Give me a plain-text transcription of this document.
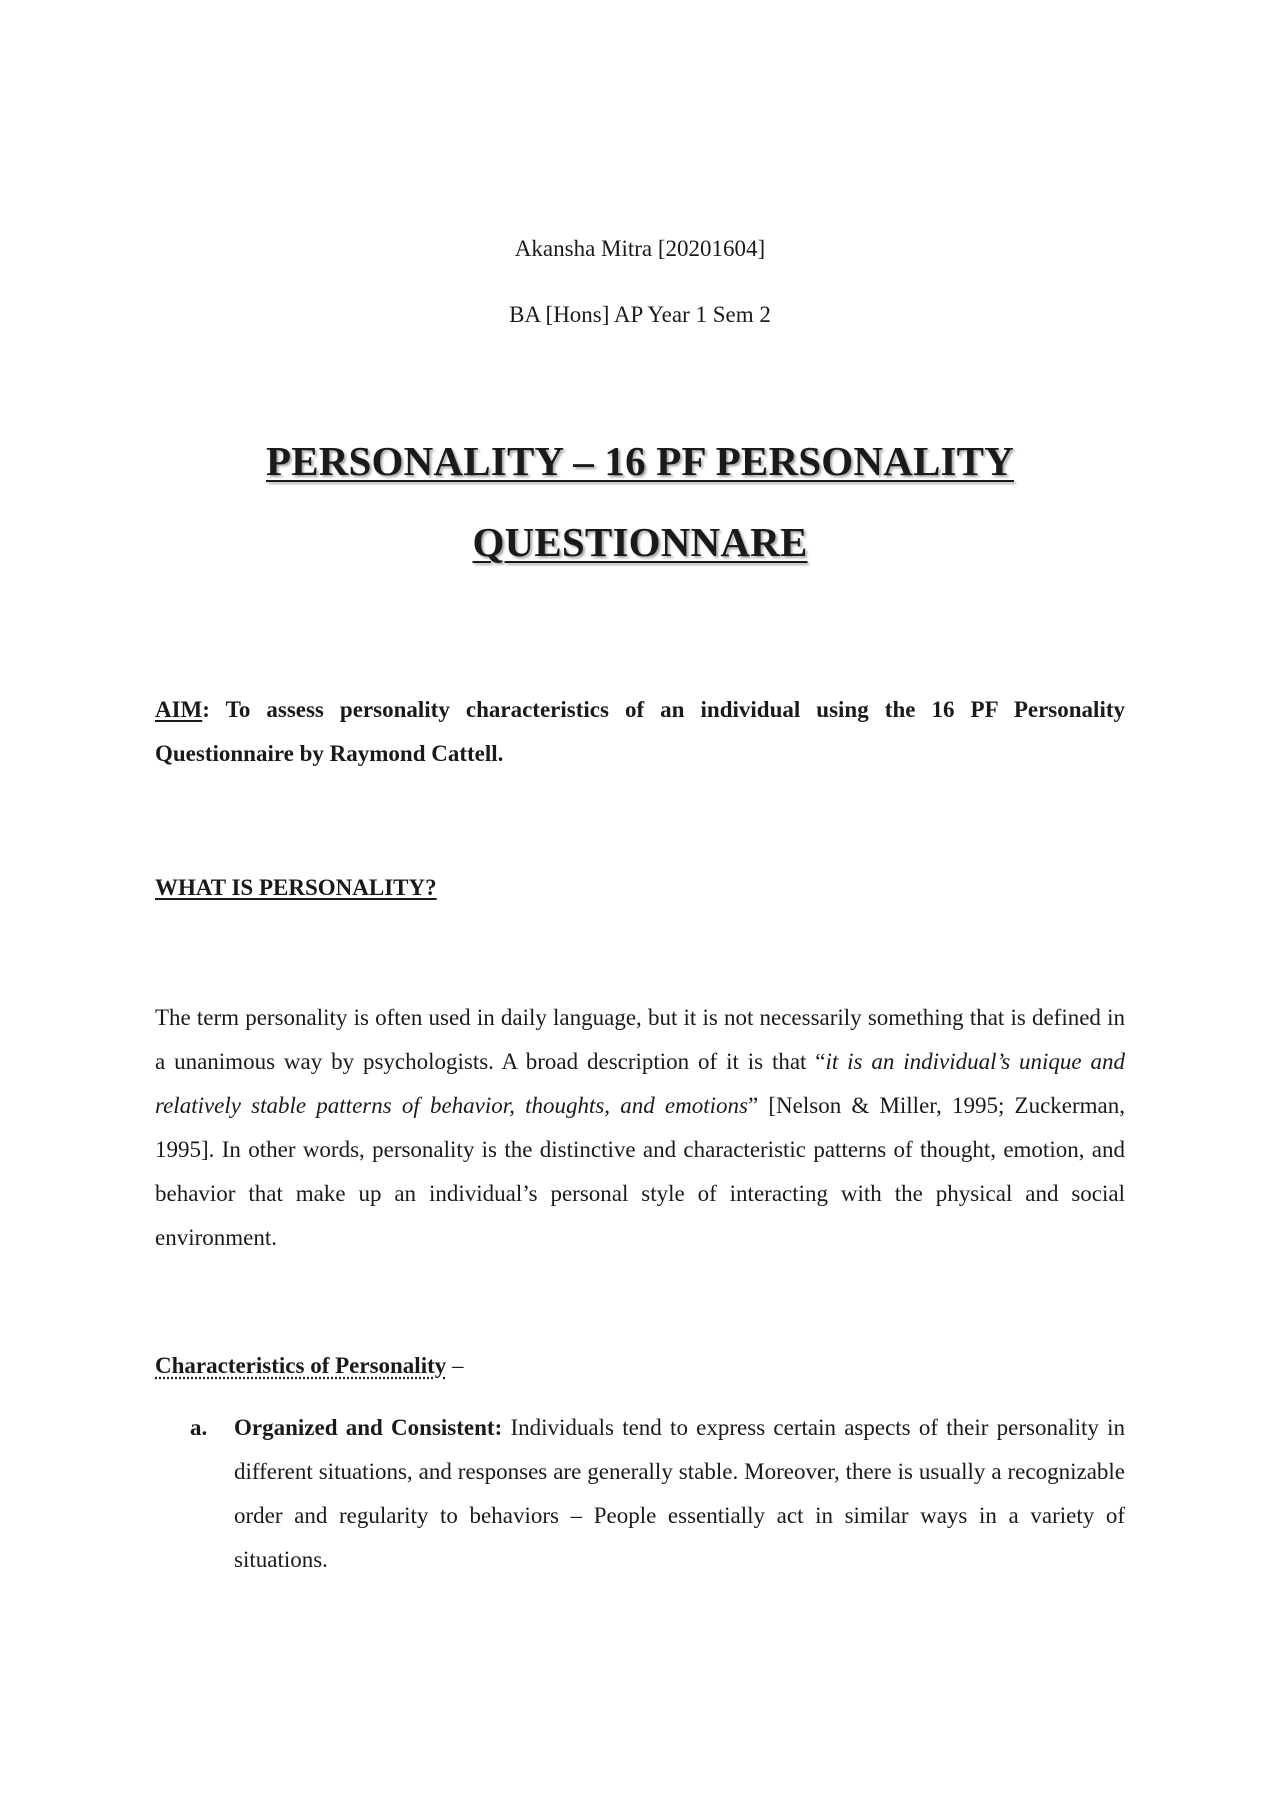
Akansha Mitra [20201604]
BA [Hons] AP Year 1 Sem 2
PERSONALITY – 16 PF PERSONALITY
QUESTIONNARE
AIM: To assess personality characteristics of an individual using the 16 PF Personality Questionnaire by Raymond Cattell.
WHAT IS PERSONALITY?
The term personality is often used in daily language, but it is not necessarily something that is defined in a unanimous way by psychologists. A broad description of it is that “it is an individual’s unique and relatively stable patterns of behavior, thoughts, and emotions” [Nelson & Miller, 1995; Zuckerman, 1995]. In other words, personality is the distinctive and characteristic patterns of thought, emotion, and behavior that make up an individual’s personal style of interacting with the physical and social environment.
Characteristics of Personality –
a. Organized and Consistent: Individuals tend to express certain aspects of their personality in different situations, and responses are generally stable. Moreover, there is usually a recognizable order and regularity to behaviors – People essentially act in similar ways in a variety of situations.
